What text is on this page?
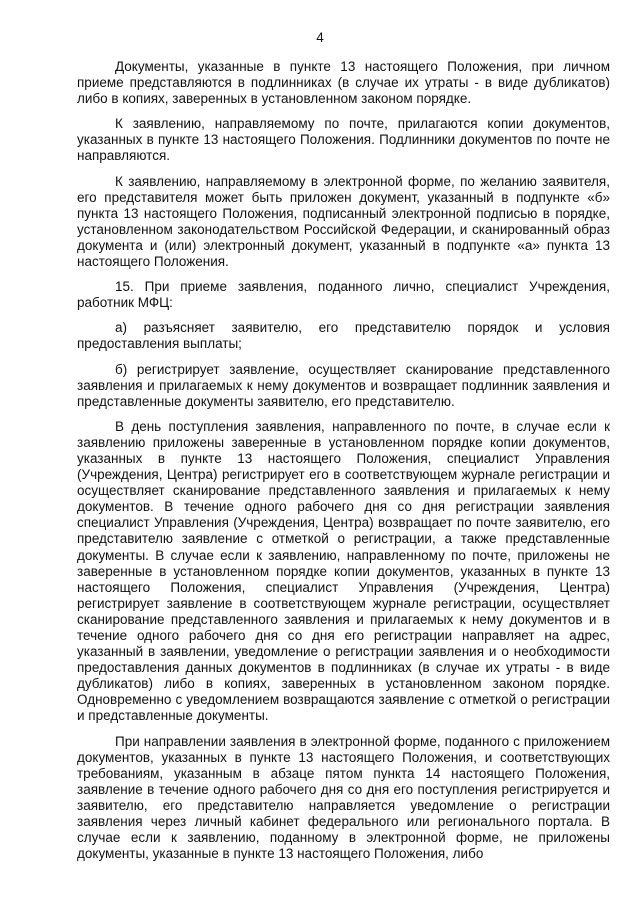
4

Документы, указанные в пункте 13 настоящего Положения, при личном приеме представляются в подлинниках (в случае их утраты - в виде дубликатов) либо в копиях, заверенных в установленном законом порядке.

К заявлению, направляемому по почте, прилагаются копии документов, указанных в пункте 13 настоящего Положения. Подлинники документов по почте не направляются.

К заявлению, направляемому в электронной форме, по желанию заявителя, его представителя может быть приложен документ, указанный в подпункте «б» пункта 13 настоящего Положения, подписанный электронной подписью в порядке, установленном законодательством Российской Федерации, и сканированный образ документа и (или) электронный документ, указанный в подпункте «а» пункта 13 настоящего Положения.

15. При приеме заявления, поданного лично, специалист Учреждения, работник МФЦ:

а) разъясняет заявителю, его представителю порядок и условия предоставления выплаты;

б) регистрирует заявление, осуществляет сканирование представленного заявления и прилагаемых к нему документов и возвращает подлинник заявления и представленные документы заявителю, его представителю.

В день поступления заявления, направленного по почте, в случае если к заявлению приложены заверенные в установленном порядке копии документов, указанных в пункте 13 настоящего Положения, специалист Управления (Учреждения, Центра) регистрирует его в соответствующем журнале регистрации и осуществляет сканирование представленного заявления и прилагаемых к нему документов. В течение одного рабочего дня со дня регистрации заявления специалист Управления (Учреждения, Центра) возвращает по почте заявителю, его представителю заявление с отметкой о регистрации, а также представленные документы. В случае если к заявлению, направленному по почте, приложены не заверенные в установленном порядке копии документов, указанных в пункте 13 настоящего Положения, специалист Управления (Учреждения, Центра) регистрирует заявление в соответствующем журнале регистрации, осуществляет сканирование представленного заявления и прилагаемых к нему документов и в течение одного рабочего дня со дня его регистрации направляет на адрес, указанный в заявлении, уведомление о регистрации заявления и о необходимости предоставления данных документов в подлинниках (в случае их утраты - в виде дубликатов) либо в копиях, заверенных в установленном законом порядке. Одновременно с уведомлением возвращаются заявление с отметкой о регистрации и представленные документы.

При направлении заявления в электронной форме, поданного с приложением документов, указанных в пункте 13 настоящего Положения, и соответствующих требованиям, указанным в абзаце пятом пункта 14 настоящего Положения, заявление в течение одного рабочего дня со дня его поступления регистрируется и заявителю, его представителю направляется уведомление о регистрации заявления через личный кабинет федерального или регионального портала. В случае если к заявлению, поданному в электронной форме, не приложены документы, указанные в пункте 13 настоящего Положения, либо
